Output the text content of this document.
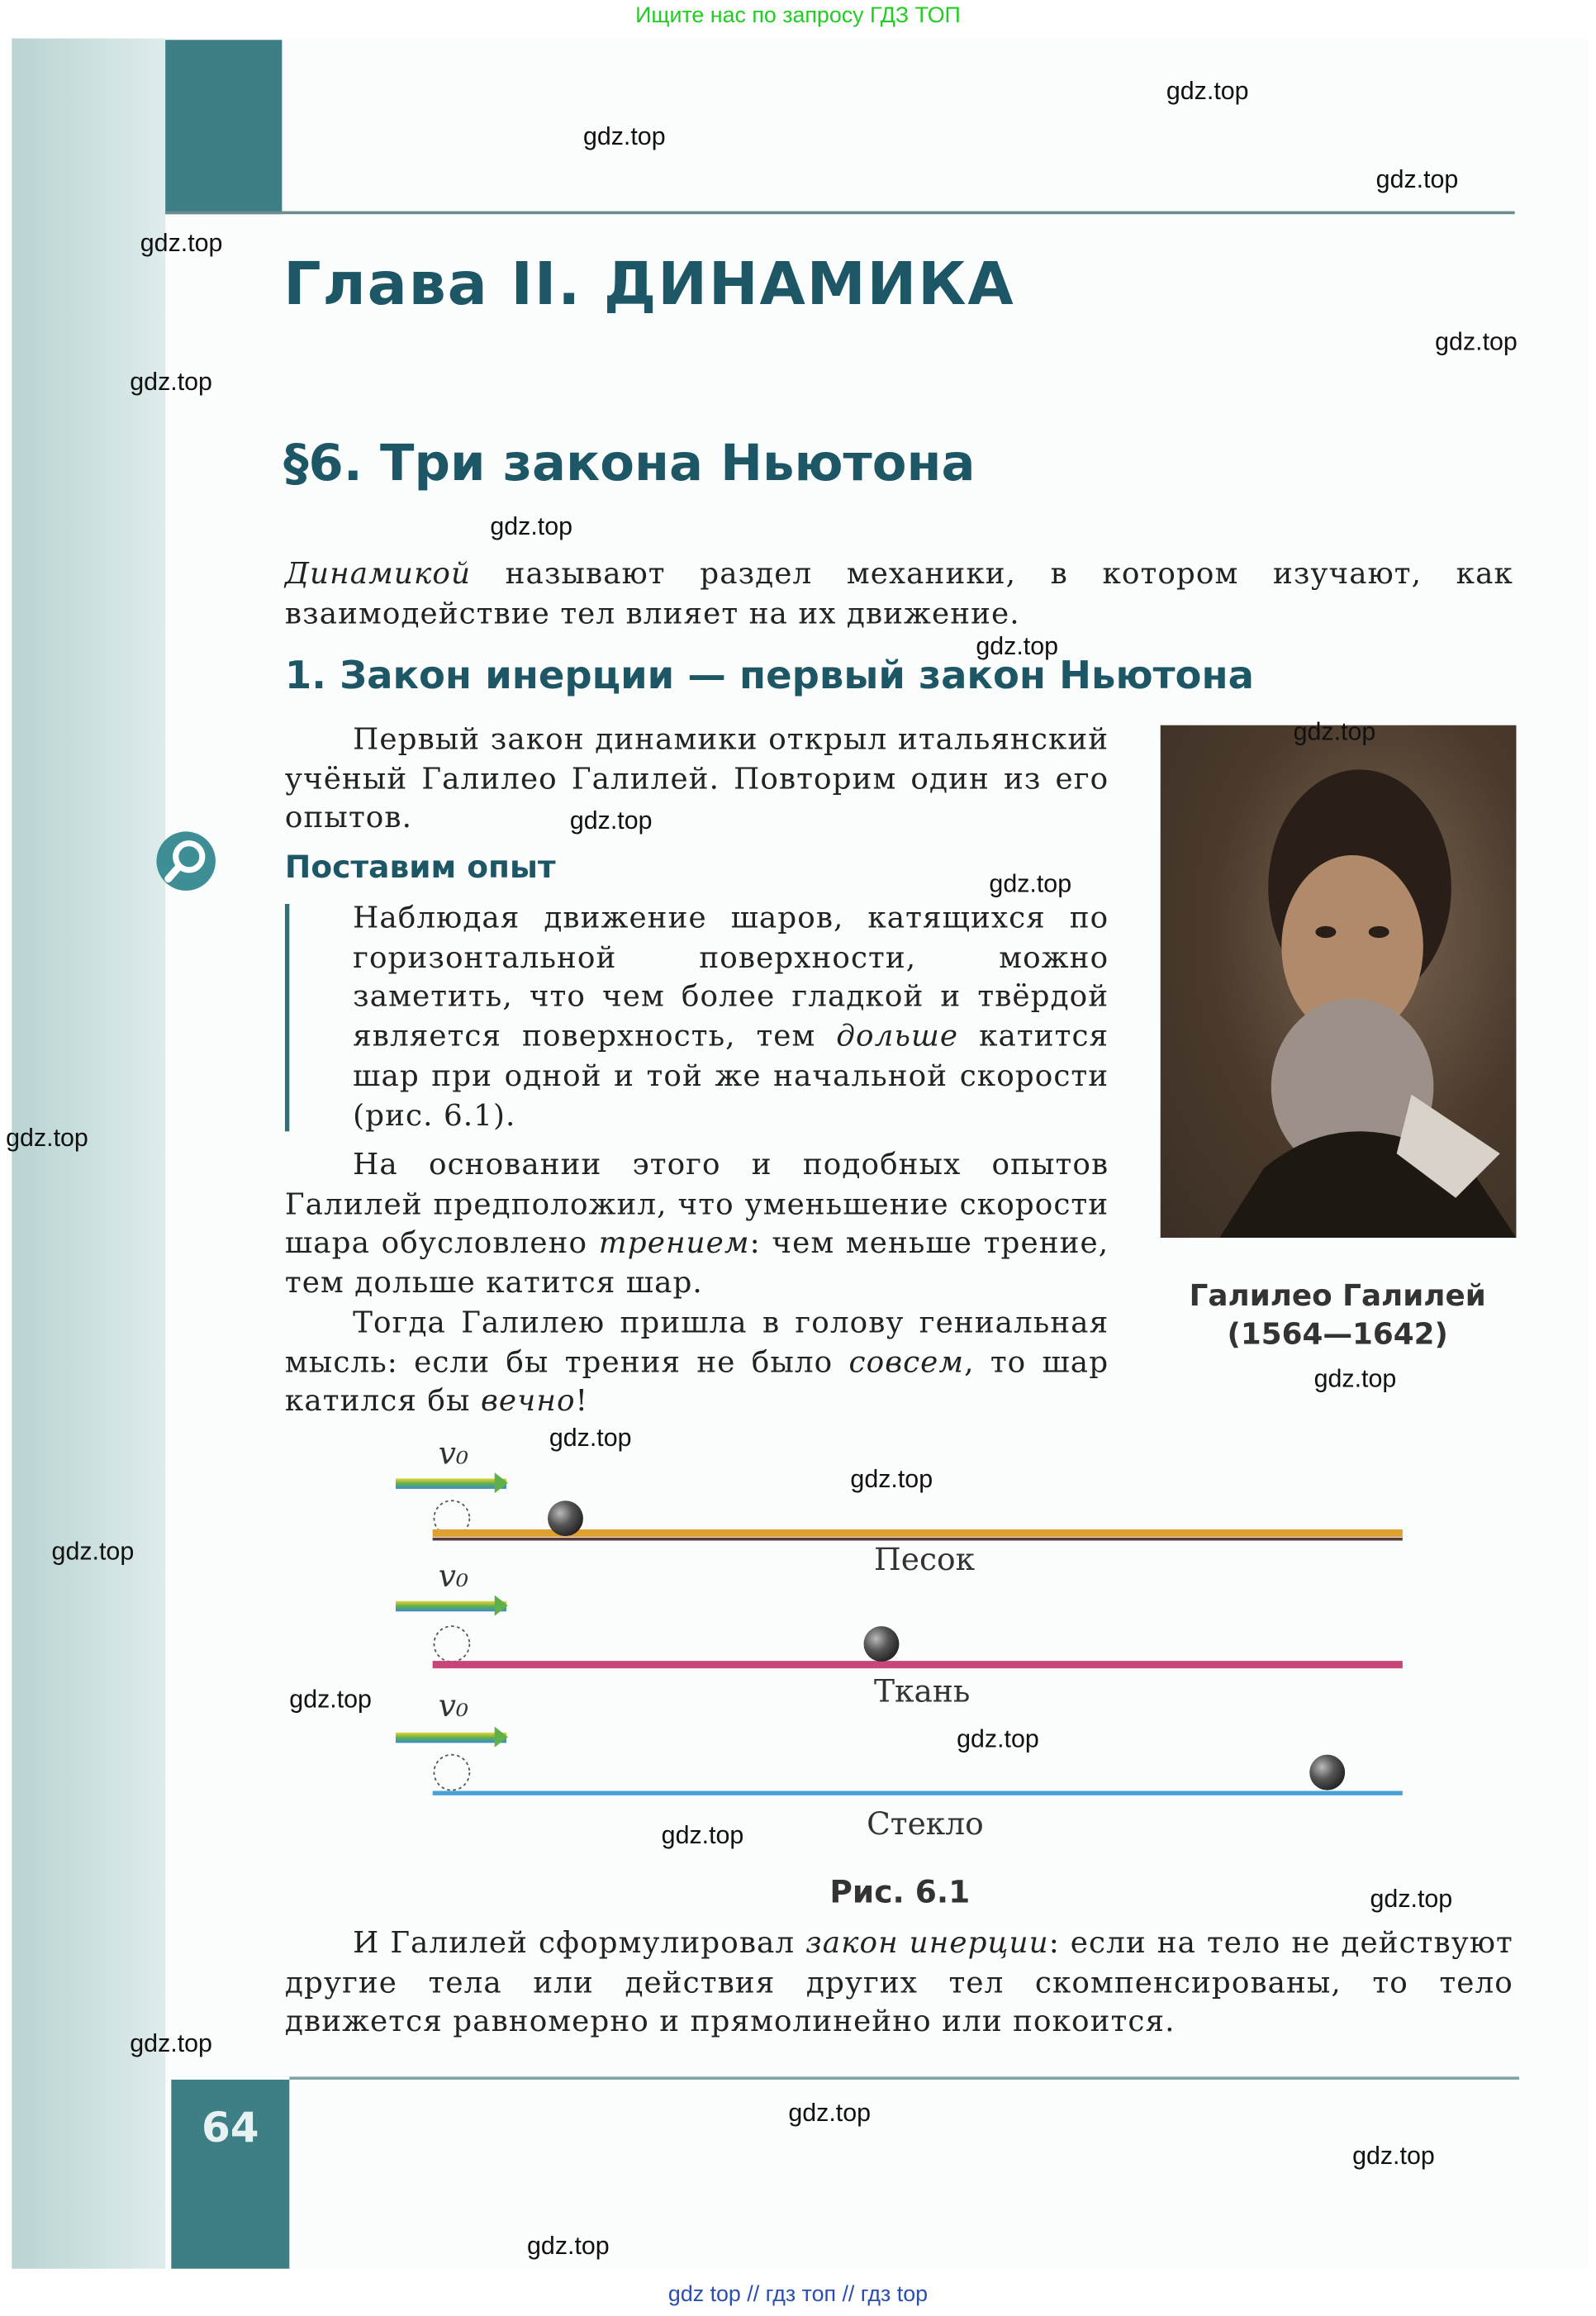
Ищите нас по запросу ГДЗ ТОП
Глава II. ДИНАМИКА
§6. Три закона Ньютона
Динамикой называют раздел механики, в котором изучают, как взаимодействие тел влияет на их движение.
1. Закон инерции — первый закон Ньютона
Первый закон динамики открыл итальянский учёный Галилео Галилей. Повторим один из его опытов.
Поставим опыт
Наблюдая движение шаров, катящихся по горизонтальной поверхности, можно заметить, что чем более гладкой и твёрдой является поверхность, тем дольше катится шар при одной и той же начальной скорости (рис. 6.1).
На основании этого и подобных опытов Галилей предположил, что уменьшение скорости шара обусловлено трением: чем меньше трение, тем дольше катится шар.
Тогда Галилею пришла в голову гениальная мысль: если бы трения не было совсем, то шар катился бы вечно!
Галилео Галилей
(1564—1642)
v₀
v₀
v₀
Песок
Ткань
Стекло
Рис. 6.1
И Галилей сформулировал закон инерции: если на тело не действуют другие тела или действия других тел скомпенсированы, то тело движется равномерно и прямолинейно или покоится.
64
gdz.top
gdz.top
gdz.top
gdz.top
gdz.top
gdz.top
gdz.top
gdz.top
gdz.top
gdz.top
gdz.top
gdz.top
gdz.top
gdz.top
gdz.top
gdz.top
gdz.top
gdz.top
gdz.top
gdz.top
gdz.top
gdz.top
gdz.top
gdz.top
gdz top // гдз топ // гдз top
